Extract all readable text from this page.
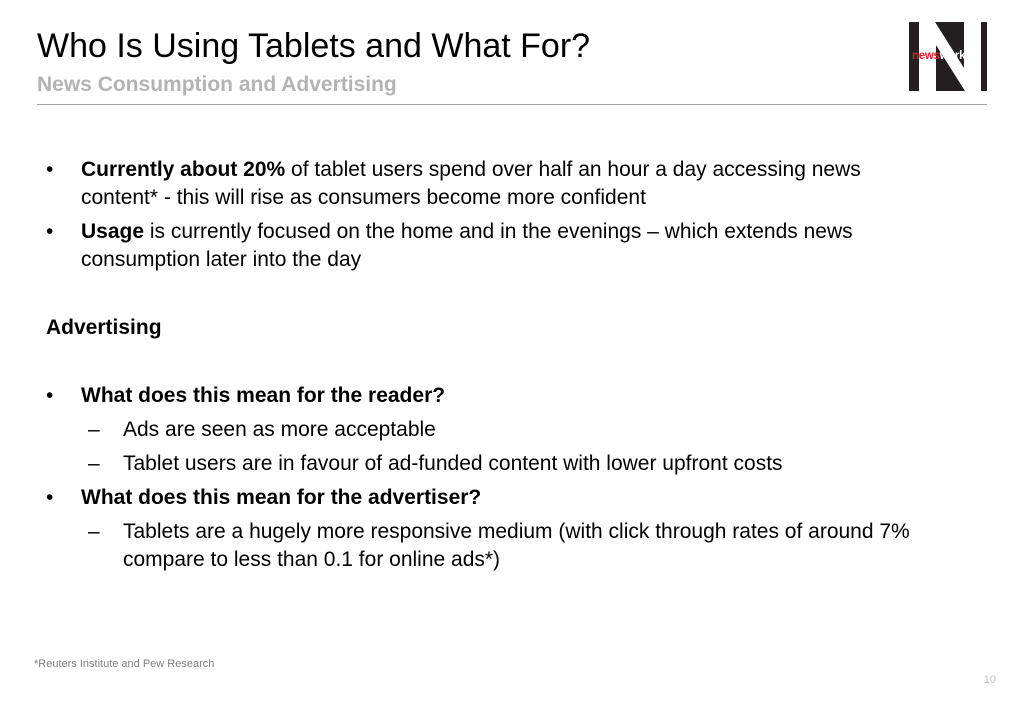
Who Is Using Tablets and What For?
News Consumption and Advertising
newsworks
• Currently about 20% of tablet users spend over half an hour a day accessing news content* - this will rise as consumers become more confident
• Usage is currently focused on the home and in the evenings – which extends news consumption later into the day
Advertising
• What does this mean for the reader?
– Ads are seen as more acceptable
– Tablet users are in favour of ad-funded content with lower upfront costs
• What does this mean for the advertiser?
– Tablets are a hugely more responsive medium (with click through rates of around 7% compare to less than 0.1 for online ads*)
*Reuters Institute and Pew Research
10
